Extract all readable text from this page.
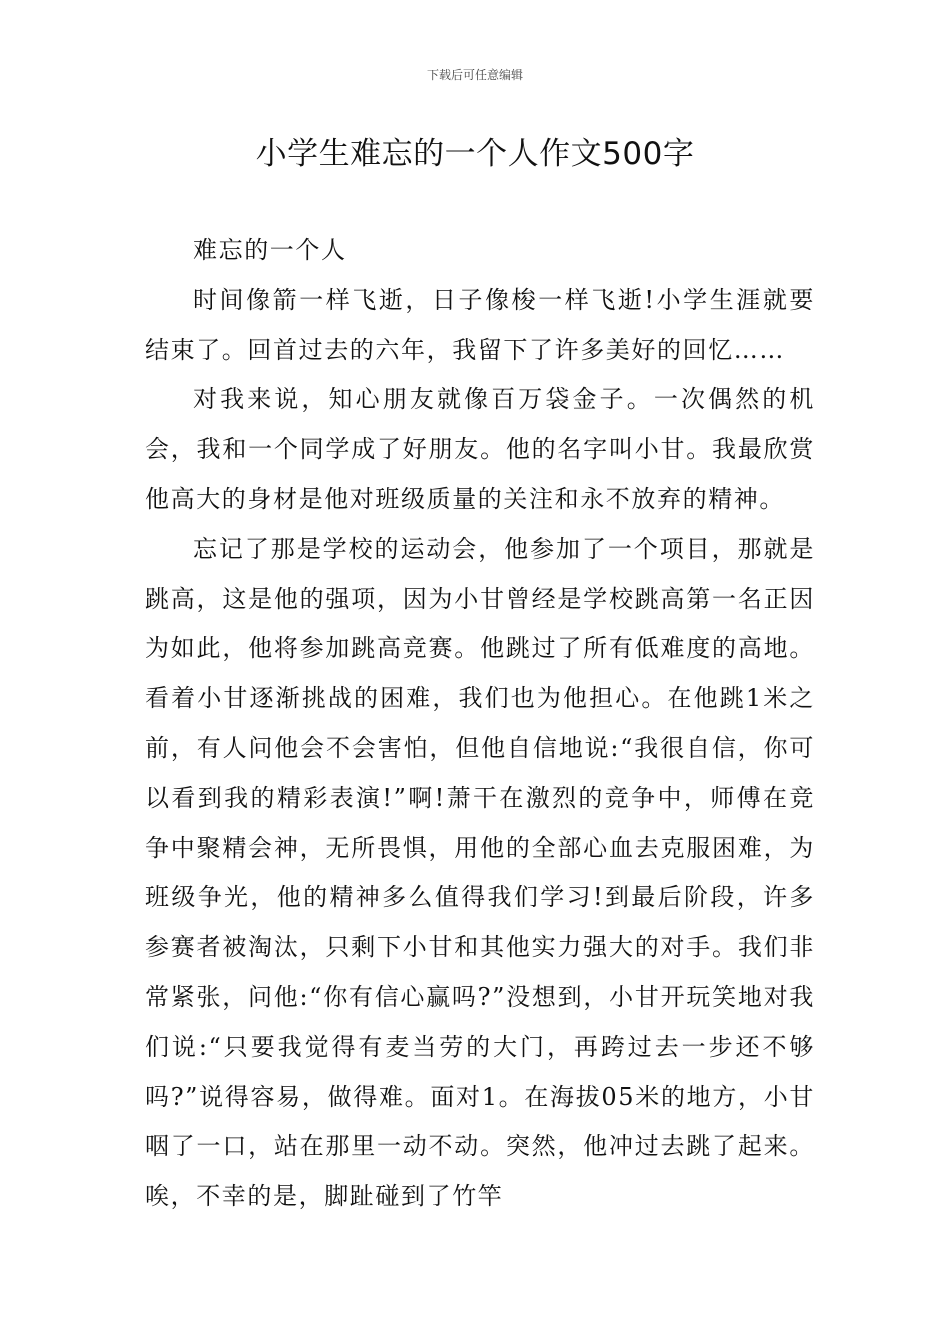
下载后可任意编辑
小学生难忘的一个人作文500字

难忘的一个人

时间像箭一样飞逝，日子像梭一样飞逝!小学生涯就要结束了。回首过去的六年，我留下了许多美好的回忆……

对我来说，知心朋友就像百万袋金子。一次偶然的机会，我和一个同学成了好朋友。他的名字叫小甘。我最欣赏他高大的身材是他对班级质量的关注和永不放弃的精神。

忘记了那是学校的运动会，他参加了一个项目，那就是跳高，这是他的强项，因为小甘曾经是学校跳高第一名正因为如此，他将参加跳高竞赛。他跳过了所有低难度的高地。看着小甘逐渐挑战的困难，我们也为他担心。在他跳1米之前，有人问他会不会害怕，但他自信地说:“我很自信，你可以看到我的精彩表演!”啊!萧干在激烈的竞争中，师傅在竞争中聚精会神，无所畏惧，用他的全部心血去克服困难，为班级争光，他的精神多么值得我们学习!到最后阶段，许多参赛者被淘汰，只剩下小甘和其他实力强大的对手。我们非常紧张，问他:“你有信心赢吗?”没想到，小甘开玩笑地对我们说:“只要我觉得有麦当劳的大门，再跨过去一步还不够吗?”说得容易，做得难。面对1。在海拔05米的地方，小甘咽了一口，站在那里一动不动。突然，他冲过去跳了起来。唉，不幸的是，脚趾碰到了竹竿
